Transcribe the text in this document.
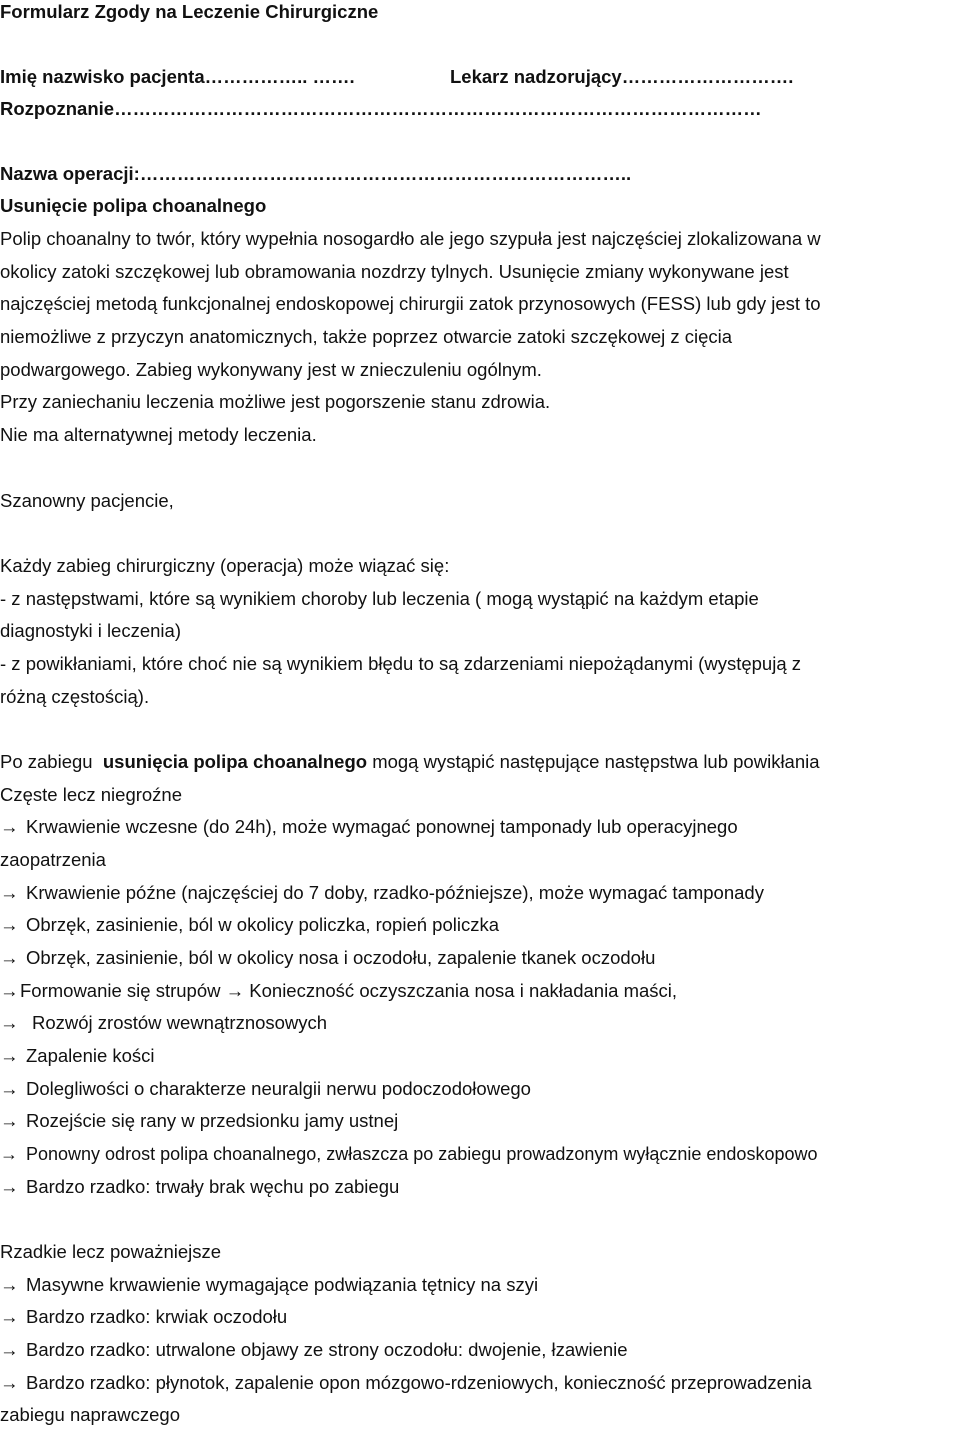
Formularz Zgody na Leczenie Chirurgiczne
Imię nazwisko pacjenta…………….. …….	Lekarz nadzorujący……………………….
Rozpoznanie……………………………………………………………………………………………
Nazwa operacji:……………………………………………………………………..
Usunięcie polipa choanalnego
Polip choanalny to twór, który wypełnia nosogardło ale jego szypuła jest najczęściej zlokalizowana w
okolicy zatoki szczękowej lub obramowania nozdrzy tylnych. Usunięcie zmiany wykonywane jest
najczęściej metodą funkcjonalnej endoskopowej chirurgii zatok przynosowych (FESS) lub gdy jest to
niemożliwe z przyczyn anatomicznych, także poprzez otwarcie zatoki szczękowej z cięcia
podwargowego. Zabieg wykonywany jest w znieczuleniu ogólnym.
Przy zaniechaniu leczenia możliwe jest pogorszenie stanu zdrowia.
Nie ma alternatywnej metody leczenia.
Szanowny pacjencie,
Każdy zabieg chirurgiczny (operacja) może wiązać się:
- z następstwami, które są wynikiem choroby lub leczenia ( mogą wystąpić na każdym etapie
diagnostyki i leczenia)
- z powikłaniami, które choć nie są wynikiem błędu to są zdarzeniami niepożądanymi (występują z
różną częstością).
Po zabiegu usunięcia polipa choanalnego mogą wystąpić następujące następstwa lub powikłania
Częste lecz niegroźne
→ Krwawienie wczesne (do 24h), może wymagać ponownej tamponady lub operacyjnego
zaopatrzenia
→ Krwawienie późne (najczęściej do 7 doby, rzadko-późniejsze), może wymagać tamponady
→ Obrzęk, zasinienie, ból w okolicy policzka, ropień policzka
→ Obrzęk, zasinienie, ból w okolicy nosa i oczodołu, zapalenie tkanek oczodołu
→Formowanie się strupów → Konieczność oczyszczania nosa i nakładania maści,
→ Rozwój zrostów wewnątrznosowych
→ Zapalenie kości
→ Dolegliwości o charakterze neuralgii nerwu podoczodołowego
→ Rozejście się rany w przedsionku jamy ustnej
→ Ponowny odrost polipa choanalnego, zwłaszcza po zabiegu prowadzonym wyłącznie endoskopowo
→ Bardzo rzadko: trwały brak węchu po zabiegu
Rzadkie lecz poważniejsze
→ Masywne krwawienie wymagające podwiązania tętnicy na szyi
→ Bardzo rzadko: krwiak oczodołu
→ Bardzo rzadko: utrwalone objawy ze strony oczodołu: dwojenie, łzawienie
→ Bardzo rzadko: płynotok, zapalenie opon mózgowo-rdzeniowych, konieczność przeprowadzenia
zabiegu naprawczego
